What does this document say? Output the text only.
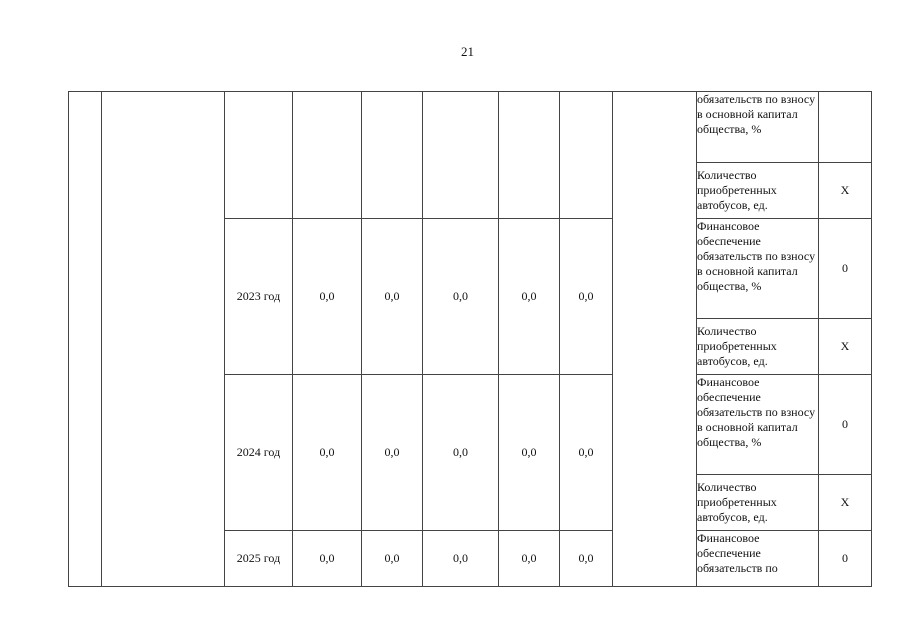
21
									обязательств по взносу в основной капитал общества, %	
									Количество приобретенных автобусов, ед.	X
		2023 год	0,0	0,0	0,0	0,0	0,0		Финансовое обеспечение обязательств по взносу в основной капитал общества, %	0
									Количество приобретенных автобусов, ед.	X
		2024 год	0,0	0,0	0,0	0,0	0,0		Финансовое обеспечение обязательств по взносу в основной капитал общества, %	0
									Количество приобретенных автобусов, ед.	X
		2025 год	0,0	0,0	0,0	0,0	0,0		Финансовое обеспечение обязательств по	0
